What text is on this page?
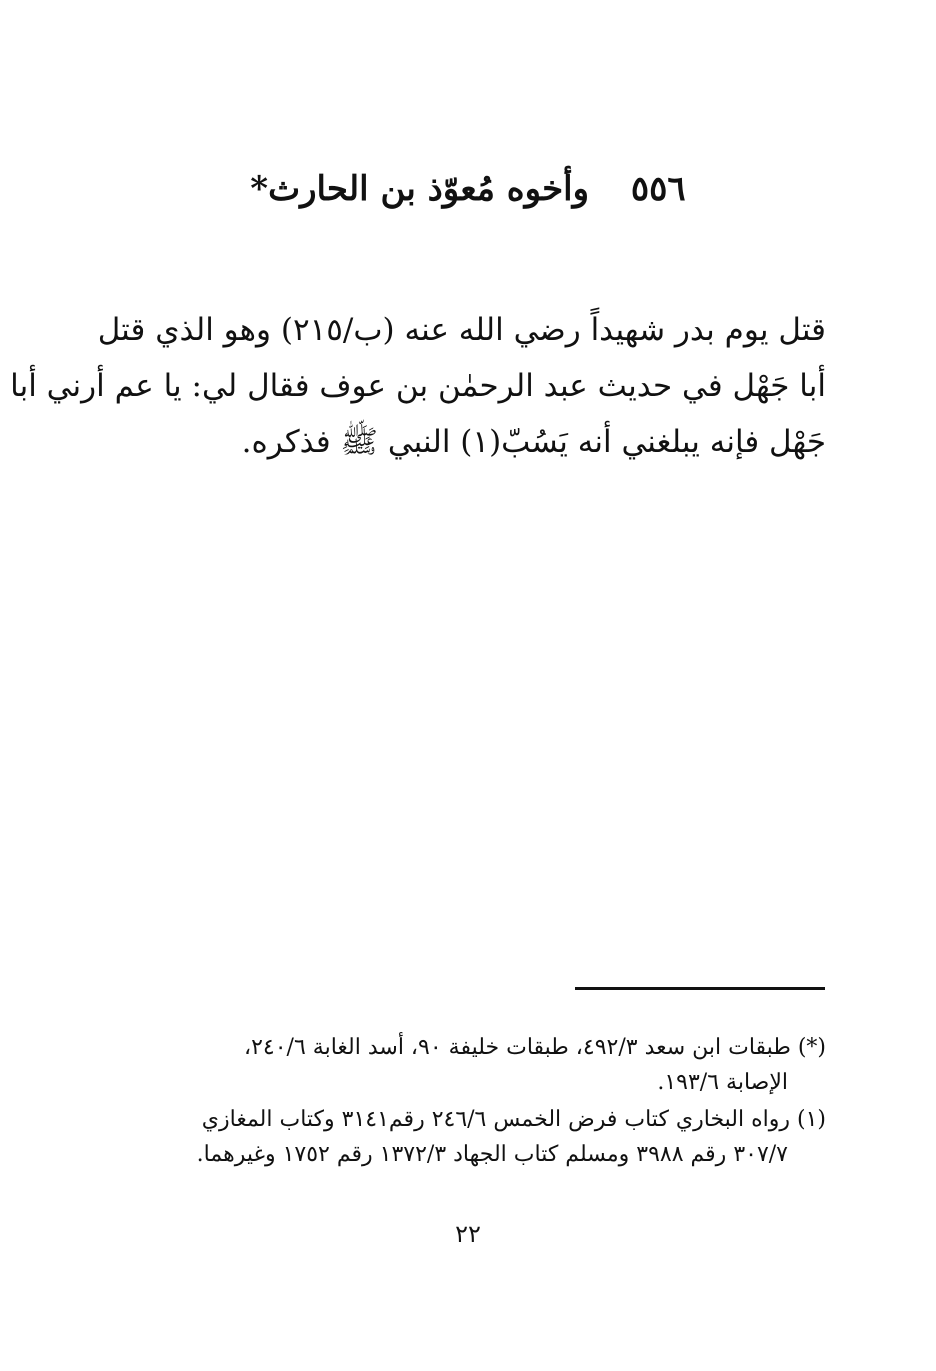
٥٥٦ وأخوه مُعوّذ بن الحارث*
قتل يوم بدر شهيداً رضي الله عنه (ب/٢١٥) وهو الذي قتل
أبا جَهْل في حديث عبد الرحمٰن بن عوف فقال لي: يا عم أرني أبا
جَهْل فإنه يبلغني أنه يَسُبّ(١) النبي ﷺ فذكره.
(*) طبقات ابن سعد ٤٩٢/٣، طبقات خليفة ٩٠، أسد الغابة ٢٤٠/٦،
الإصابة ١٩٣/٦.
(١) رواه البخاري كتاب فرض الخمس ٢٤٦/٦ رقم٣١٤١ وكتاب المغازي
٣٠٧/٧ رقم ٣٩٨٨ ومسلم كتاب الجهاد ١٣٧٢/٣ رقم ١٧٥٢ وغيرهما.
٢٢
